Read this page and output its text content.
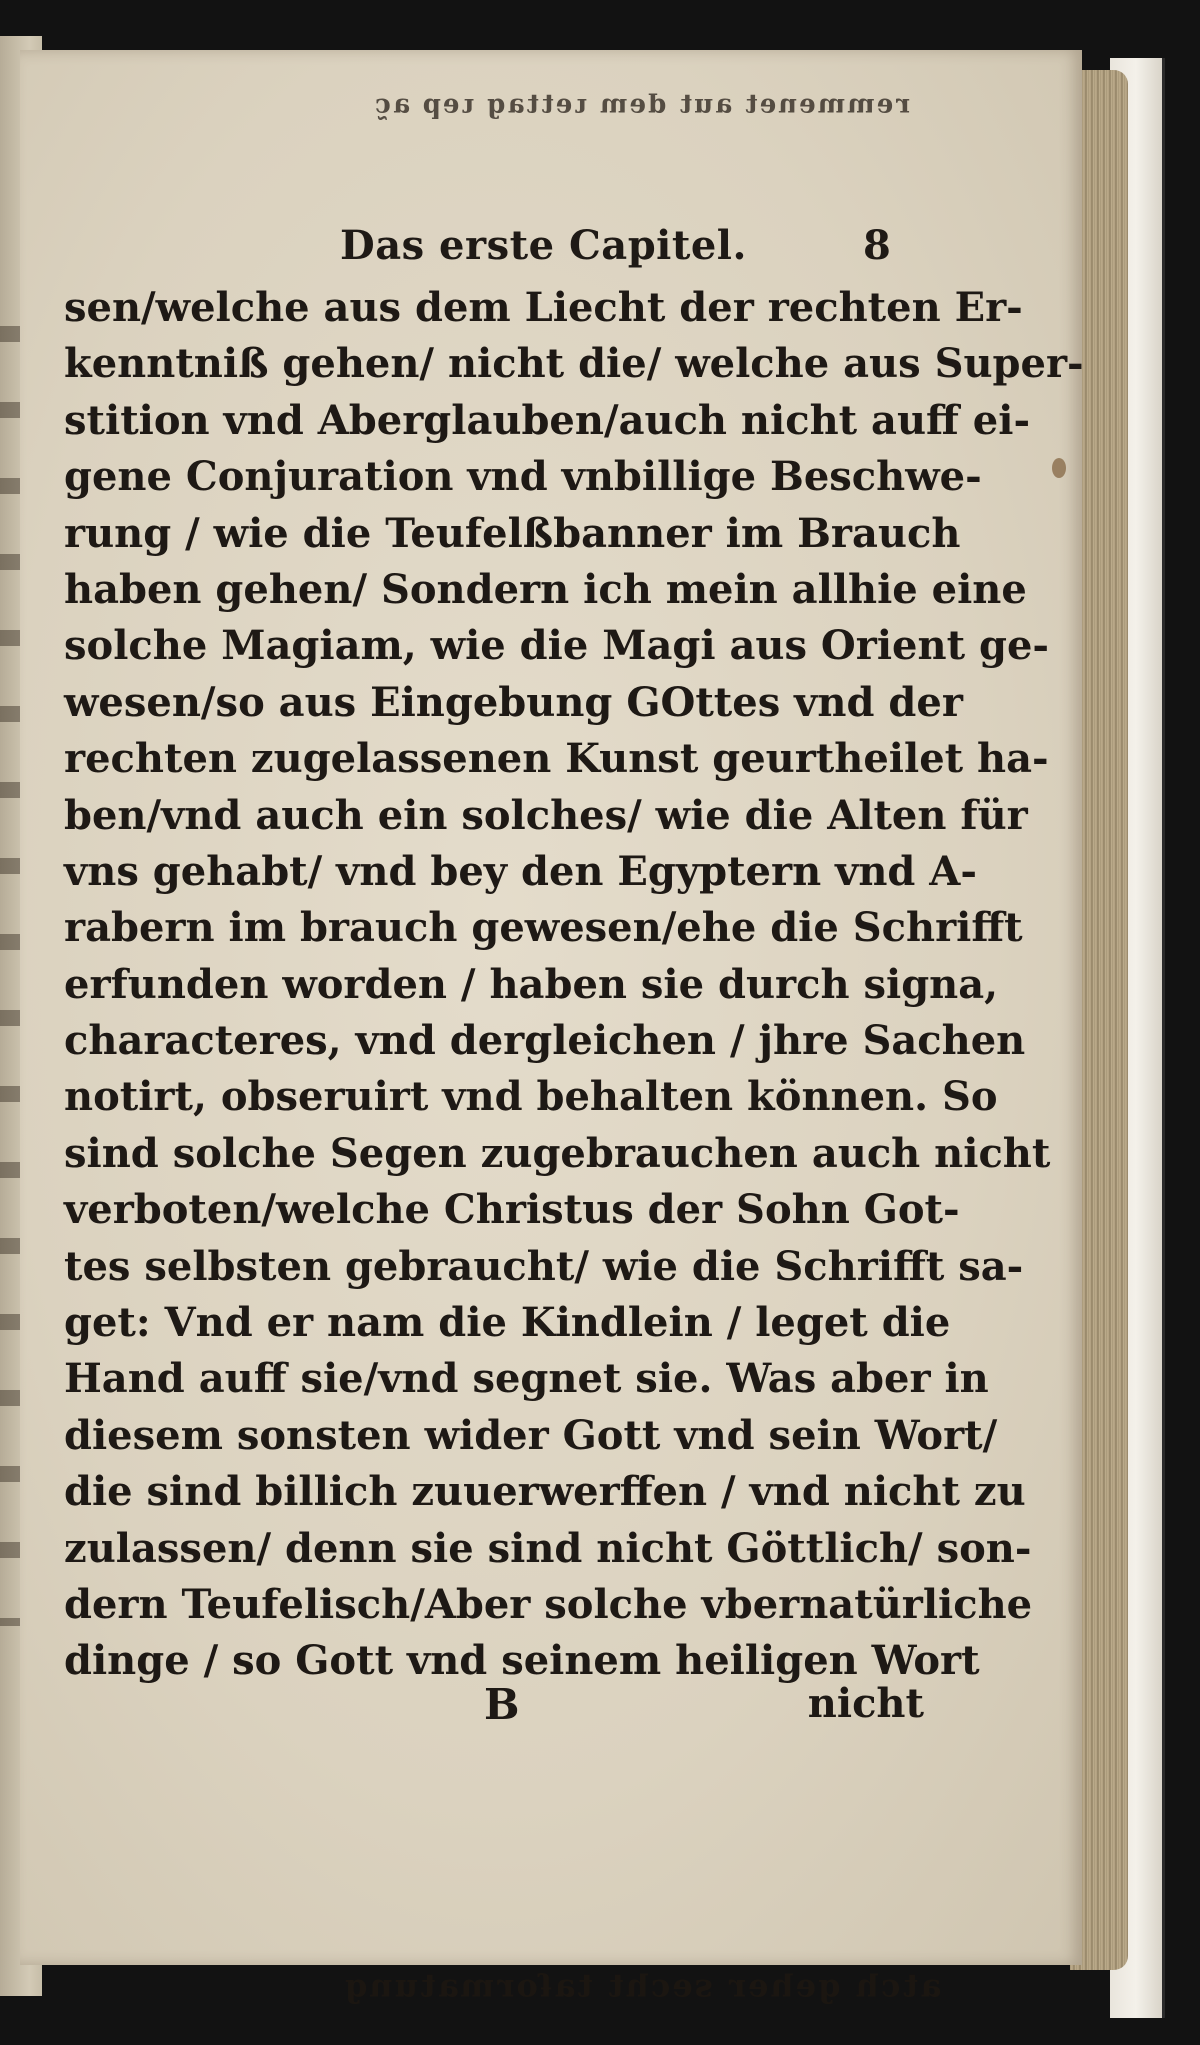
ɔ̃ɐ dǝɿ ɓɐʇʇǝɿ ɯǝp ʇnɐ ʇǝuǝɯɯǝɹ
Das erste Capitel.	8
sen/welche aus dem Liecht der rechten Er-
kenntniß gehen/ nicht die/ welche aus Super-
stition vnd Aberglauben/auch nicht auff ei-
gene Conjuration vnd vnbillige Beschwe-
rung / wie die Teufelßbanner im Brauch
haben gehen/ Sondern ich mein allhie eine
solche Magiam, wie die Magi aus Orient ge-
wesen/so aus Eingebung GOttes vnd der
rechten zugelassenen Kunst geurtheilet ha-
ben/vnd auch ein solches/ wie die Alten für
vns gehabt/ vnd bey den Egyptern vnd A-
rabern im brauch gewesen/ehe die Schrifft
erfunden worden / haben sie durch signa,
characteres, vnd dergleichen / jhre Sachen
notirt, obseruirt vnd behalten können. So
sind solche Segen zugebrauchen auch nicht
verboten/welche Christus der Sohn Got-
tes selbsten gebraucht/ wie die Schrifft sa-
get: Vnd er nam die Kindlein / leget die
Hand auff sie/vnd segnet sie. Was aber in
diesem sonsten wider Gott vnd sein Wort/
die sind billich zuuerwerffen / vnd nicht zu
zulassen/ denn sie sind nicht Göttlich/ son-
dern Teufelisch/Aber solche vbernatürliche
dinge / so Gott vnd seinem heiligen Wort
B	nicht
ɓunʇɐɯɹoɟɐʇ ʇɥɔǝs ɹǝɥǝɓ ɥɔʇɐ
